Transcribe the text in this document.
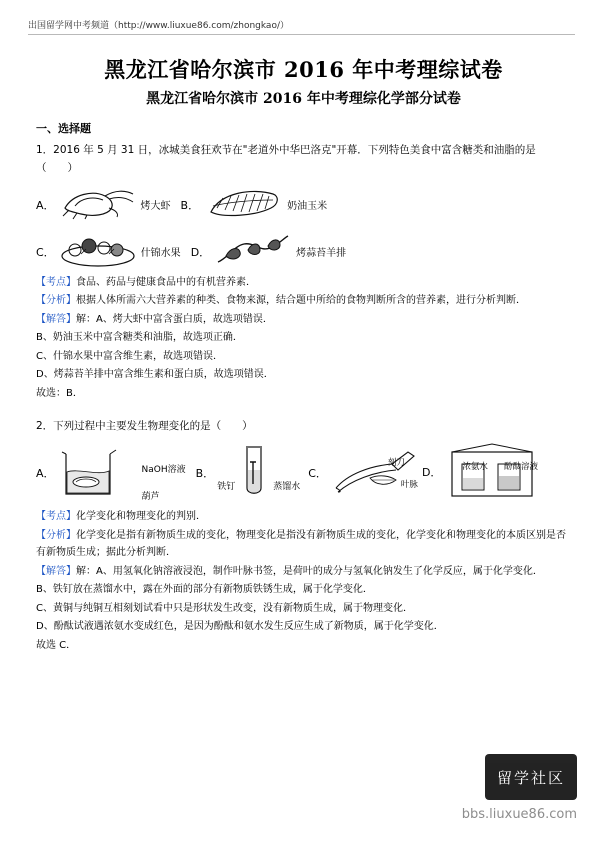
出国留学网中考频道（http://www.liuxue86.com/zhongkao/）
黑龙江省哈尔滨市 2016 年中考理综试卷
黑龙江省哈尔滨市 2016 年中考理综化学部分试卷
一、选择题
1．2016 年 5 月 31 日，冰城美食狂欢节在"老道外中华巴洛克"开幕．下列特色美食中富含糖类和油脂的是（　　）
A．	烤大虾 B．	奶油玉米
C．	什锦水果 D．	烤蒜苔羊排
【考点】食品、药品与健康食品中的有机营养素．
【分析】根据人体所需六大营养素的种类、食物来源，结合题中所给的食物判断所含的营养素，进行分析判断．
【解答】解：A、烤大虾中富含蛋白质，故选项错误．
B、奶油玉米中富含糖类和油脂，故选项正确．
C、什锦水果中富含维生素，故选项错误．
D、烤蒜苔羊排中富含维生素和蛋白质，故选项错误．
故选：B．
2．下列过程中主要发生物理变化的是（　　）
A．	NaOH溶液
葫芦
B．
铁钉	蒸馏水
C．
刻刀
叶脉
D． 浓氨水 酚酞溶液
【考点】化学变化和物理变化的判别．
【分析】化学变化是指有新物质生成的变化，物理变化是指没有新物质生成的变化，化学变化和物理变化的本质区别是否有新物质生成；据此分析判断．
【解答】解：A、用氢氧化钠溶液浸泡，制作叶脉书签，是荷叶的成分与氢氧化钠发生了化学反应，属于化学变化．
B、铁钉放在蒸馏水中，露在外面的部分有新物质铁锈生成，属于化学变化．
C、黄铜与纯铜互相刻划试看中只是形状发生改变，没有新物质生成，属于物理变化．
D、酚酞试液遇浓氨水变成红色，是因为酚酞和氨水发生反应生成了新物质，属于化学变化．
故选 C．
留学社区
bbs.liuxue86.com
